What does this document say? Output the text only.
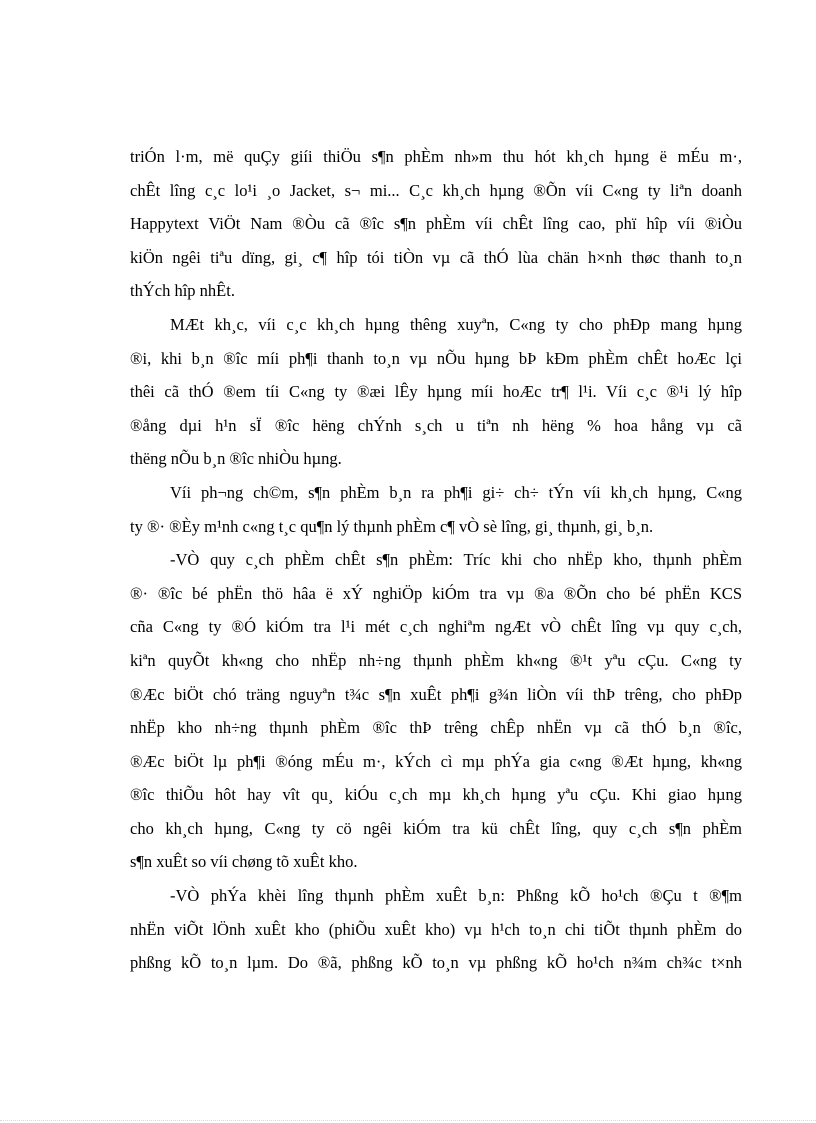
triÓn l·m, më quÇy giíi thiÖu s¶n phÈm nh»m thu hót kh¸ch hµng ë mÉu m·,
chÊt lîng c¸c lo¹i ¸o Jacket, s¬ mi... C¸c kh¸ch hµng ®Õn víi C«ng ty liªn doanh
Happytext ViÖt Nam ®Òu cã ®îc s¶n phÈm víi chÊt lîng cao, phï hîp víi ®iÒu
kiÖn ngêi tiªu dïng, gi¸ c¶ hîp tói tiÒn vµ cã thÓ lùa chän h×nh thøc thanh to¸n
thÝch hîp nhÊt.

MÆt kh¸c, víi c¸c kh¸ch hµng thêng xuyªn, C«ng ty cho phÐp mang hµng
®i, khi b¸n ®îc míi ph¶i thanh to¸n vµ nÕu hµng bÞ kÐm phÈm chÊt hoÆc lçi
thêi cã thÓ ®em tíi C«ng ty ®æi lÊy hµng míi hoÆc tr¶ l¹i. Víi c¸c ®¹i lý hîp
®ång dµi h¹n sÏ ®îc hëng chÝnh s¸ch u tiªn nh hëng % hoa hång vµ cã
thëng nÕu b¸n ®îc nhiÒu hµng.

Víi ph¬ng ch©m, s¶n phÈm b¸n ra ph¶i gi÷ ch÷ tÝn víi kh¸ch hµng, C«ng
ty ®· ®Èy m¹nh c«ng t¸c qu¶n lý thµnh phÈm c¶ vÒ sè lîng, gi¸ thµnh, gi¸ b¸n.

-VÒ quy c¸ch phÈm chÊt s¶n phÈm: Tríc khi cho nhËp kho, thµnh phÈm
®· ®îc bé phËn thö hâa ë xÝ nghiÖp kiÓm tra vµ ®a ®Õn cho bé phËn KCS
cña C«ng ty ®Ó kiÓm tra l¹i mét c¸ch nghiªm ngÆt vÒ chÊt lîng vµ quy c¸ch,
kiªn quyÕt kh«ng cho nhËp nh÷ng thµnh phÈm kh«ng ®¹t yªu cÇu. C«ng ty
®Æc biÖt chó träng nguyªn t¾c s¶n xuÊt ph¶i g¾n liÒn víi thÞ trêng, cho phÐp
nhËp kho nh÷ng thµnh phÈm ®îc thÞ trêng chÊp nhËn vµ cã thÓ b¸n ®îc,
®Æc biÖt lµ ph¶i ®óng mÉu m·, kÝch cì mµ phÝa gia c«ng ®Æt hµng, kh«ng
®îc thiÕu hôt hay vît qu¸ kiÓu c¸ch mµ kh¸ch hµng yªu cÇu. Khi giao hµng
cho kh¸ch hµng, C«ng ty cö ngêi kiÓm tra kü chÊt lîng, quy c¸ch s¶n phÈm
s¶n xuÊt so víi chøng tõ xuÊt kho.

-VÒ phÝa khèi lîng thµnh phÈm xuÊt b¸n: Phßng kÕ ho¹ch ®Çu t ®¶m
nhËn viÕt lÖnh xuÊt kho (phiÕu xuÊt kho) vµ h¹ch to¸n chi tiÕt thµnh phÈm do
phßng kÕ to¸n lµm. Do ®ã, phßng kÕ to¸n vµ phßng kÕ ho¹ch n¾m ch¾c t×nh
